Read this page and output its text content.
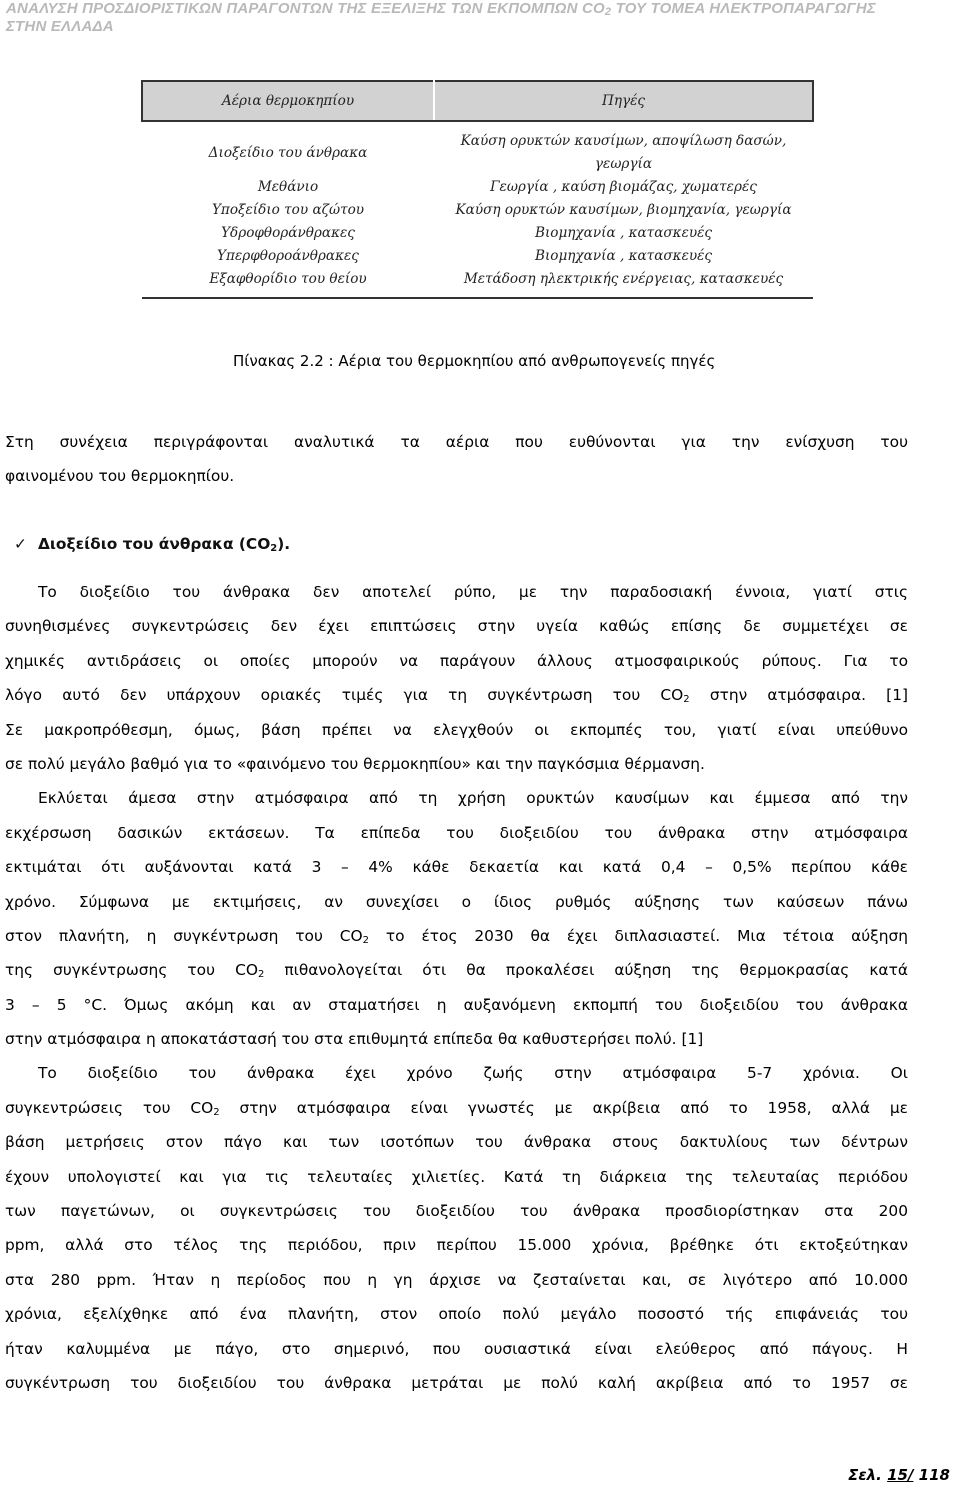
ΑΝΑΛΥΣΗ ΠΡΟΣΔΙΟΡΙΣΤΙΚΩΝ ΠΑΡΑΓΟΝΤΩΝ ΤΗΣ ΕΞΕΛΙΞΗΣ ΤΩΝ ΕΚΠΟΜΠΩΝ $CO_2$ ΤΟΥ ΤΟΜΕΑ ΗΛΕΚΤΡΟΠΑΡΑΓΩΓΗΣ
ΣΤΗΝ ΕΛΛΑΔΑ
Αέρια θερμοκηπίου	Πηγές
Διοξείδιο του άνθρακα	Καύση ορυκτών καυσίμων, αποψίλωση δασών,
γεωργία

Μεθάνιο	Γεωργία , καύση βιομάζας, χωματερές
Υποξείδιο του αζώτου	Καύση ορυκτών καυσίμων, βιομηχανία, γεωργία
Υδροφθοράνθρακες	Βιομηχανία , κατασκευές
Υπερφθοροάνθρακες	Βιομηχανία , κατασκευές
Εξαφθορίδιο του θείου	Μετάδοση ηλεκτρικής ενέργειας, κατασκευές
Πίνακας 2.2 : Αέρια του θερμοκηπίου από ανθρωπογενείς πηγές
Στη συνέχεια περιγράφονται αναλυτικά τα αέρια που ευθύνονται για την ενίσχυση του
φαινομένου του θερμοκηπίου.
✓ Διοξείδιο του άνθρακα $(CO_2)$.
Το διοξείδιο του άνθρακα δεν αποτελεί ρύπο, με την παραδοσιακή έννοια, γιατί στις
συνηθισμένες συγκεντρώσεις δεν έχει επιπτώσεις στην υγεία καθώς επίσης δε συμμετέχει σε
χημικές αντιδράσεις οι οποίες μπορούν να παράγουν άλλους ατμοσφαιρικούς ρύπους. Για το
λόγο αυτό δεν υπάρχουν οριακές τιμές για τη συγκέντρωση του $CO_2$ στην ατμόσφαιρα. [1]
Σε μακροπρόθεσμη, όμως, βάση πρέπει να ελεγχθούν οι εκπομπές του, γιατί είναι υπεύθυνο
σε πολύ μεγάλο βαθμό για το «φαινόμενο του θερμοκηπίου» και την παγκόσμια θέρμανση.
Εκλύεται άμεσα στην ατμόσφαιρα από τη χρήση ορυκτών καυσίμων και έμμεσα από την
εκχέρσωση δασικών εκτάσεων. Τα επίπεδα του διοξειδίου του άνθρακα στην ατμόσφαιρα
εκτιμάται ότι αυξάνονται κατά 3 – 4% κάθε δεκαετία και κατά 0,4 – 0,5% περίπου κάθε
χρόνο. Σύμφωνα με εκτιμήσεις, αν συνεχίσει ο ίδιος ρυθμός αύξησης των καύσεων πάνω
στον πλανήτη, η συγκέντρωση του $CO_2$ το έτος 2030 θα έχει διπλασιαστεί. Μια τέτοια αύξηση
της συγκέντρωσης του $CO_2$ πιθανολογείται ότι θα προκαλέσει αύξηση της θερμοκρασίας κατά
3 – 5 °C. Όμως ακόμη και αν σταματήσει η αυξανόμενη εκπομπή του διοξειδίου του άνθρακα
στην ατμόσφαιρα η αποκατάστασή του στα επιθυμητά επίπεδα θα καθυστερήσει πολύ. [1]
Το διοξείδιο του άνθρακα έχει χρόνο ζωής στην ατμόσφαιρα 5-7 χρόνια. Οι
συγκεντρώσεις του $CO_2$ στην ατμόσφαιρα είναι γνωστές με ακρίβεια από το 1958, αλλά με
βάση μετρήσεις στον πάγο και των ισοτόπων του άνθρακα στους δακτυλίους των δέντρων
έχουν υπολογιστεί και για τις τελευταίες χιλιετίες. Κατά τη διάρκεια της τελευταίας περιόδου
των παγετώνων, οι συγκεντρώσεις του διοξειδίου του άνθρακα προσδιορίστηκαν στα 200
ppm, αλλά στο τέλος της περιόδου, πριν περίπου 15.000 χρόνια, βρέθηκε ότι εκτοξεύτηκαν
στα 280 ppm. Ήταν η περίοδος που η γη άρχισε να ζεσταίνεται και, σε λιγότερο από 10.000
χρόνια, εξελίχθηκε από ένα πλανήτη, στον οποίο πολύ μεγάλο ποσοστό τής επιφάνειάς του
ήταν καλυμμένα με πάγο, στο σημερινό, που ουσιαστικά είναι ελεύθερος από πάγους. Η
συγκέντρωση του διοξειδίου του άνθρακα μετράται με πολύ καλή ακρίβεια από το 1957 σε
Σελ. 15/ 118
